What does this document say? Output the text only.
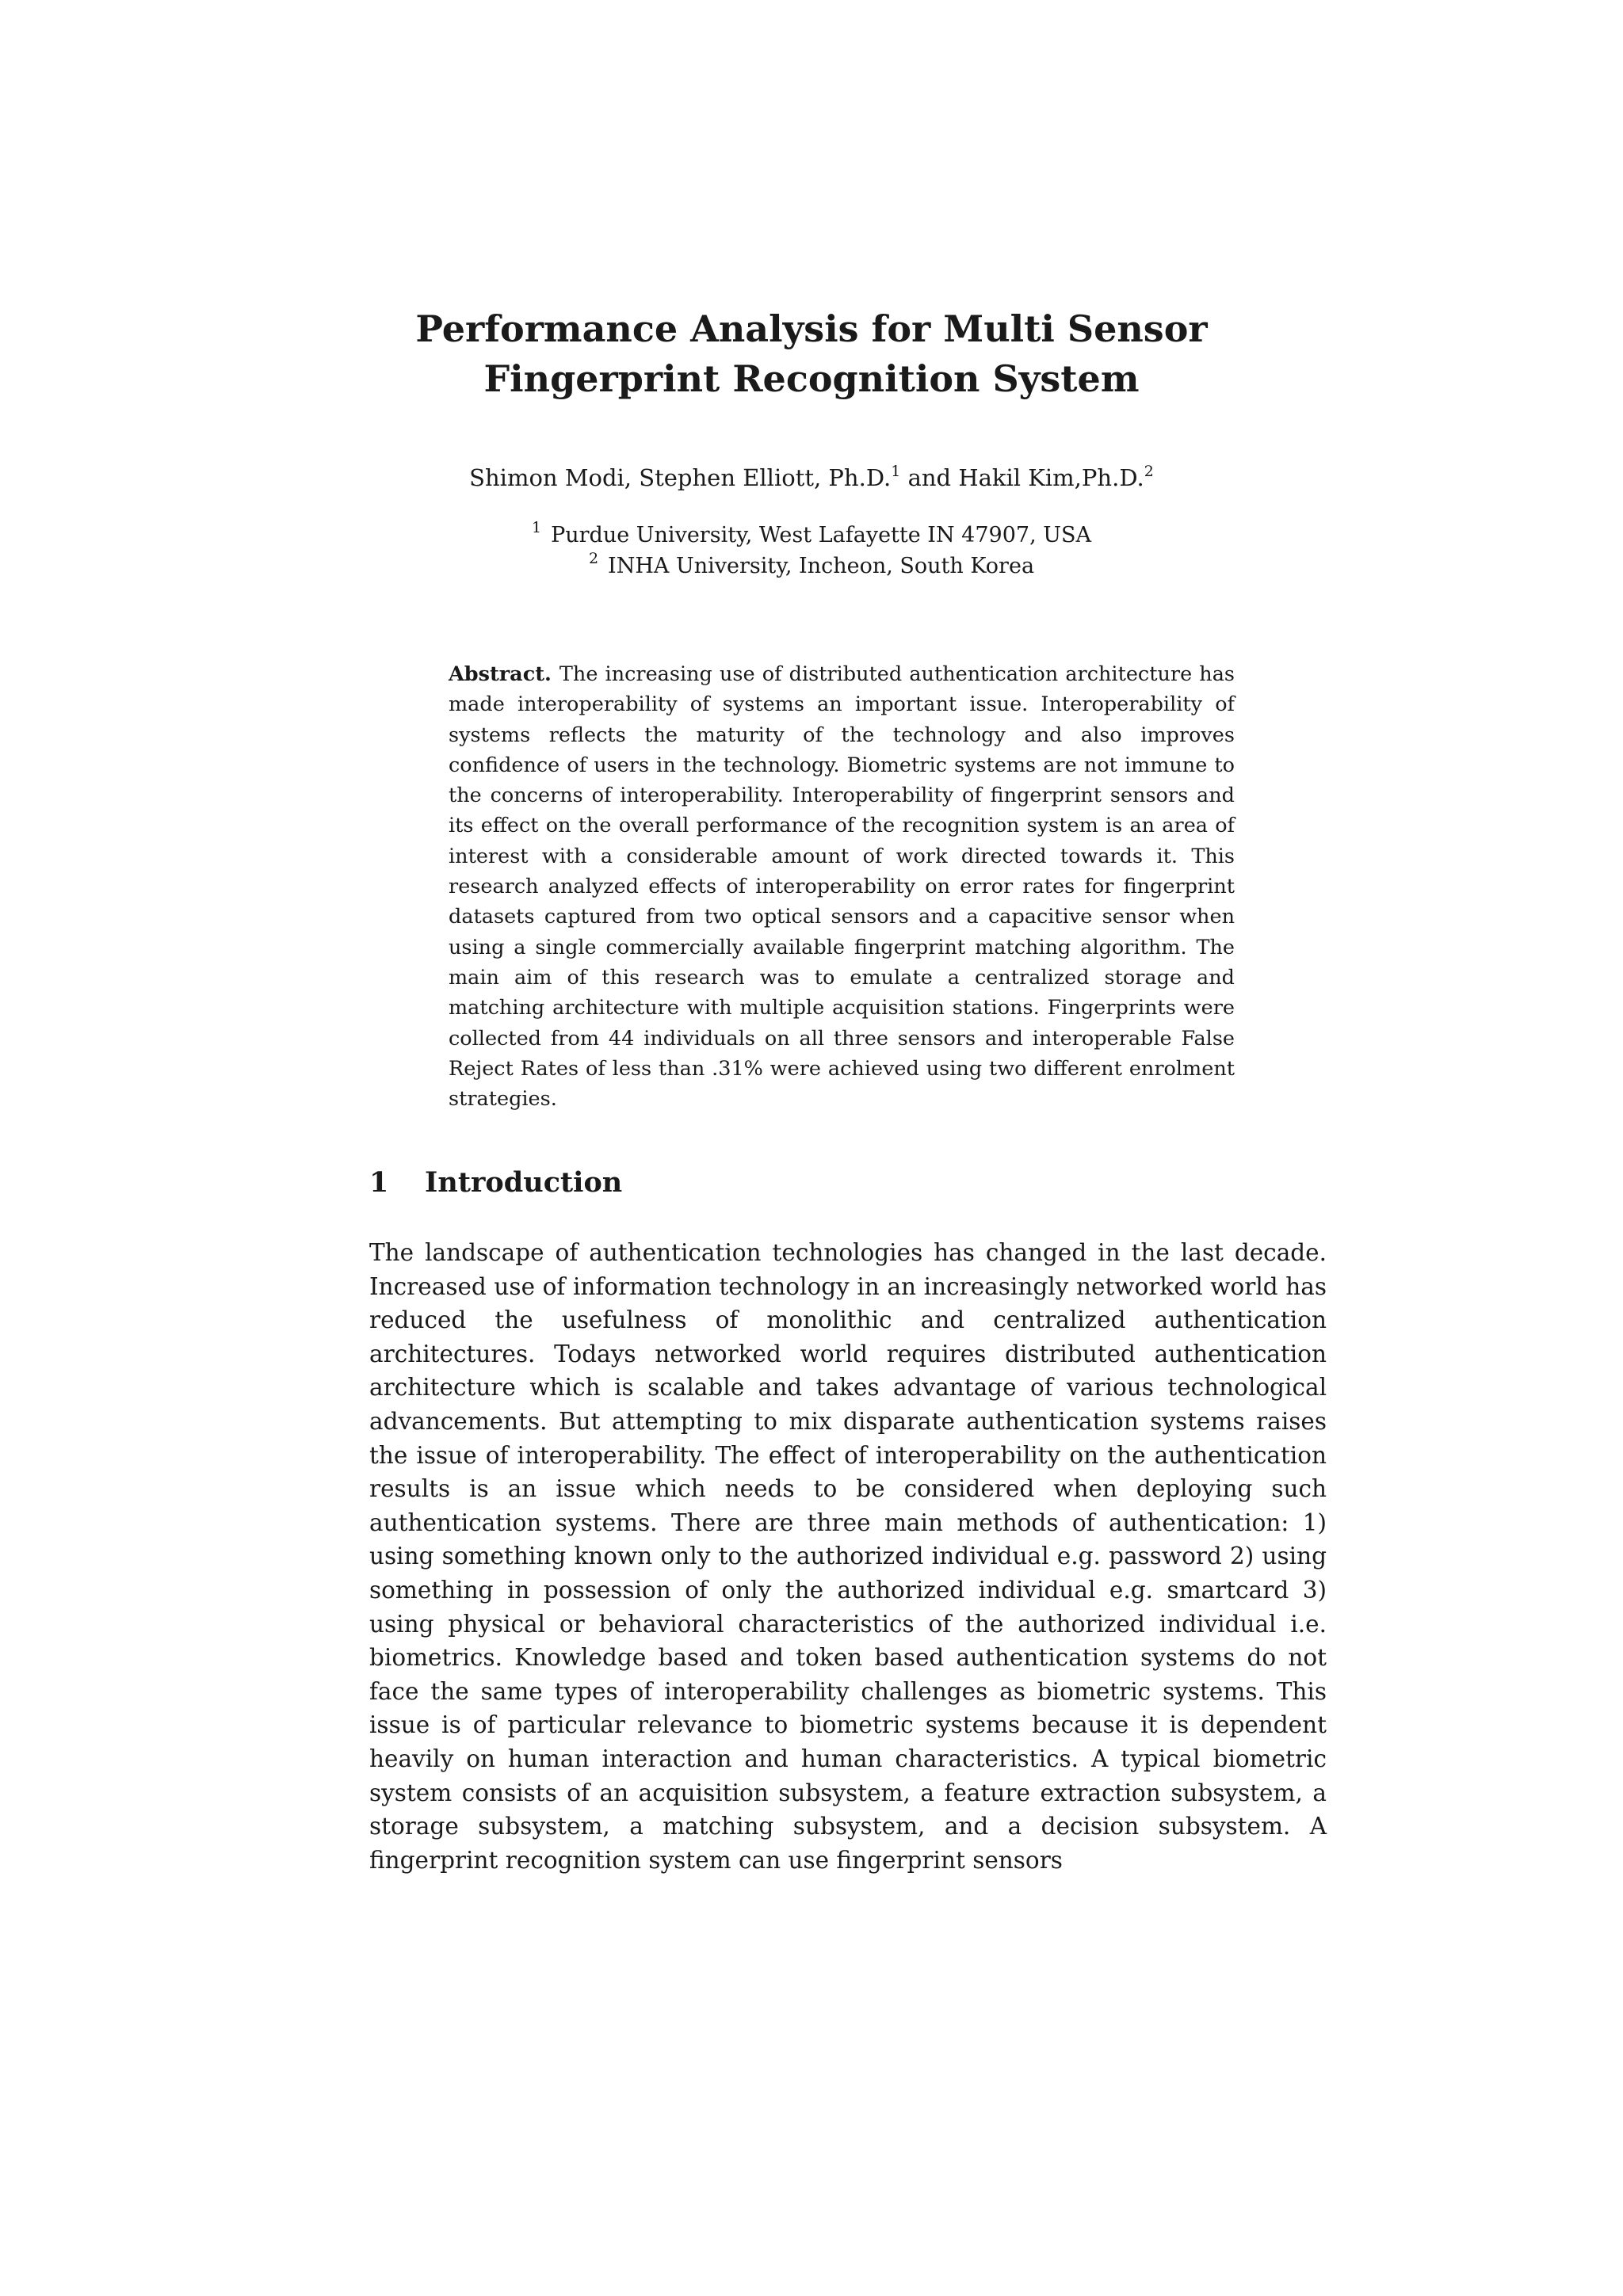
Performance Analysis for Multi Sensor
Fingerprint Recognition System
Shimon Modi, Stephen Elliott, Ph.D.$^1$ and Hakil Kim,Ph.D.$^2$
$^1$ Purdue University, West Lafayette IN 47907, USA
$^2$ INHA University, Incheon, South Korea
Abstract. The increasing use of distributed authentication architecture has made interoperability of systems an important issue. Interoperability of systems reflects the maturity of the technology and also improves confidence of users in the technology. Biometric systems are not immune to the concerns of interoperability. Interoperability of fingerprint sensors and its effect on the overall performance of the recognition system is an area of interest with a considerable amount of work directed towards it. This research analyzed effects of interoperability on error rates for fingerprint datasets captured from two optical sensors and a capacitive sensor when using a single commercially available fingerprint matching algorithm. The main aim of this research was to emulate a centralized storage and matching architecture with multiple acquisition stations. Fingerprints were collected from 44 individuals on all three sensors and interoperable False Reject Rates of less than .31% were achieved using two different enrolment strategies.
1 Introduction

The landscape of authentication technologies has changed in the last decade. Increased use of information technology in an increasingly networked world has reduced the usefulness of monolithic and centralized authentication architectures. Todays networked world requires distributed authentication architecture which is scalable and takes advantage of various technological advancements. But attempting to mix disparate authentication systems raises the issue of interoperability. The effect of interoperability on the authentication results is an issue which needs to be considered when deploying such authentication systems. There are three main methods of authentication: 1) using something known only to the authorized individual e.g. password 2) using something in possession of only the authorized individual e.g. smartcard 3) using physical or behavioral characteristics of the authorized individual i.e. biometrics. Knowledge based and token based authentication systems do not face the same types of interoperability challenges as biometric systems. This issue is of particular relevance to biometric systems because it is dependent heavily on human interaction and human characteristics. A typical biometric system consists of an acquisition subsystem, a feature extraction subsystem, a storage subsystem, a matching subsystem, and a decision subsystem. A fingerprint recognition system can use fingerprint sensors
